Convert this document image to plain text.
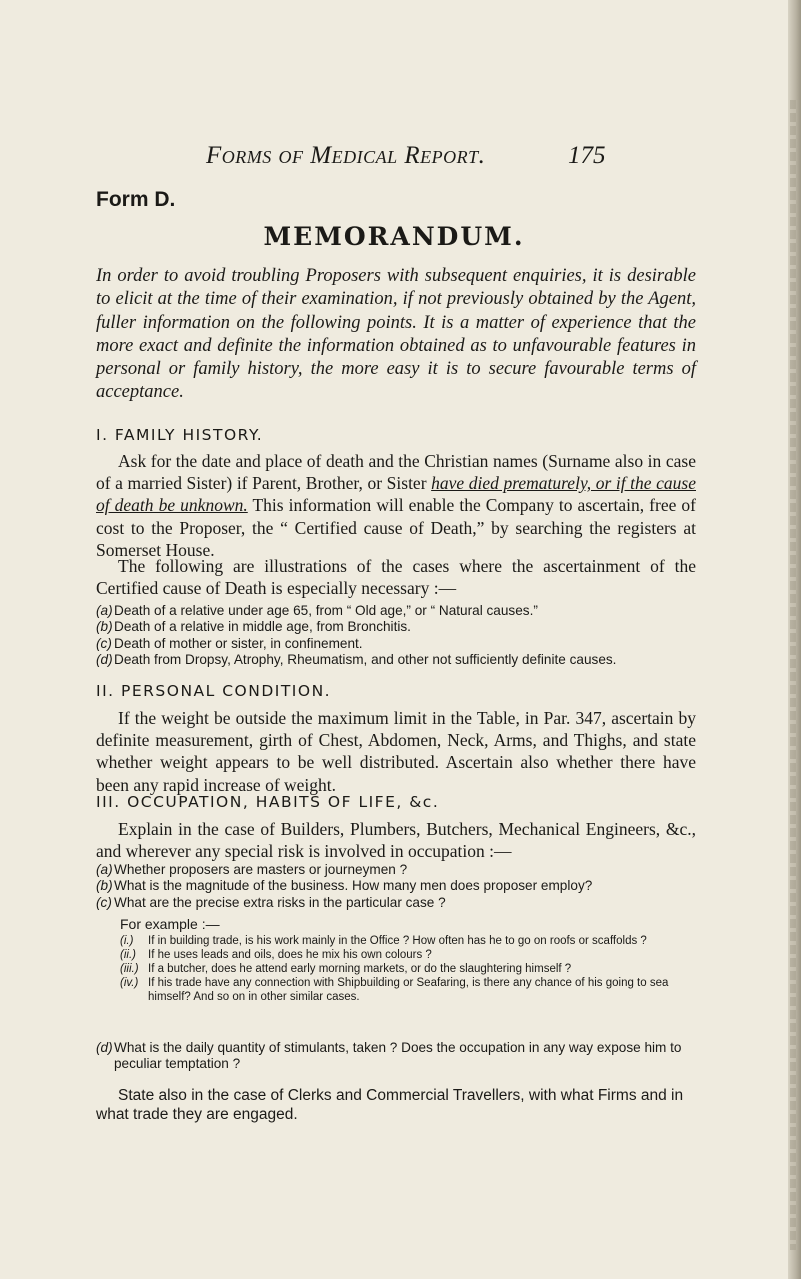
Forms of Medical Report.	175
Form D.
MEMORANDUM.

In order to avoid troubling Proposers with subsequent enquiries, it is desirable to elicit at the time of their examination, if not previously obtained by the Agent, fuller information on the following points. It is a matter of experience that the more exact and definite the information obtained as to unfavourable features in personal or family history, the more easy it is to secure favourable terms of acceptance.

I. FAMILY HISTORY.

Ask for the date and place of death and the Christian names (Surname also in case of a married Sister) if Parent, Brother, or Sister have died prematurely, or if the cause of death be unknown. This information will enable the Company to ascertain, free of cost to the Proposer, the “ Certified cause of Death,” by searching the registers at Somerset House.

The following are illustrations of the cases where the ascertainment of the Certified cause of Death is especially necessary :—

(a)Death of a relative under age 65, from “ Old age,” or “ Natural causes.”
(b)Death of a relative in middle age, from Bronchitis.
(c) Death of mother or sister, in confinement.
(d)Death from Dropsy, Atrophy, Rheumatism, and other not sufficiently definite causes.
II. PERSONAL CONDITION.

If the weight be outside the maximum limit in the Table, in Par. 347, ascertain by definite measurement, girth of Chest, Abdomen, Neck, Arms, and Thighs, and state whether weight appears to be well distributed. Ascertain also whether there have been any rapid increase of weight.

III. OCCUPATION, HABITS OF LIFE, &c.

Explain in the case of Builders, Plumbers, Butchers, Mechanical Engineers, &c., and wherever any special risk is involved in occupation :—

(a)Whether proposers are masters or journeymen ?
(b)What is the magnitude of the business. How many men does proposer employ?
(c) What are the precise extra risks in the particular case ?
For example :—
(i.) If in building trade, is his work mainly in the Office ? How often has he to go on roofs or scaffolds ?
(ii.) If he uses leads and oils, does he mix his own colours ?
(iii.) If a butcher, does he attend early morning markets, or do the slaughtering himself ?
(iv.) If his trade have any connection with Shipbuilding or Seafaring, is there any chance of his going to sea himself? And so on in other similar cases.
(d)What is the daily quantity of stimulants, taken ? Does the occupation in any way expose him to peculiar temptation ?

State also in the case of Clerks and Commercial Travellers, with what Firms and in what trade they are engaged.
